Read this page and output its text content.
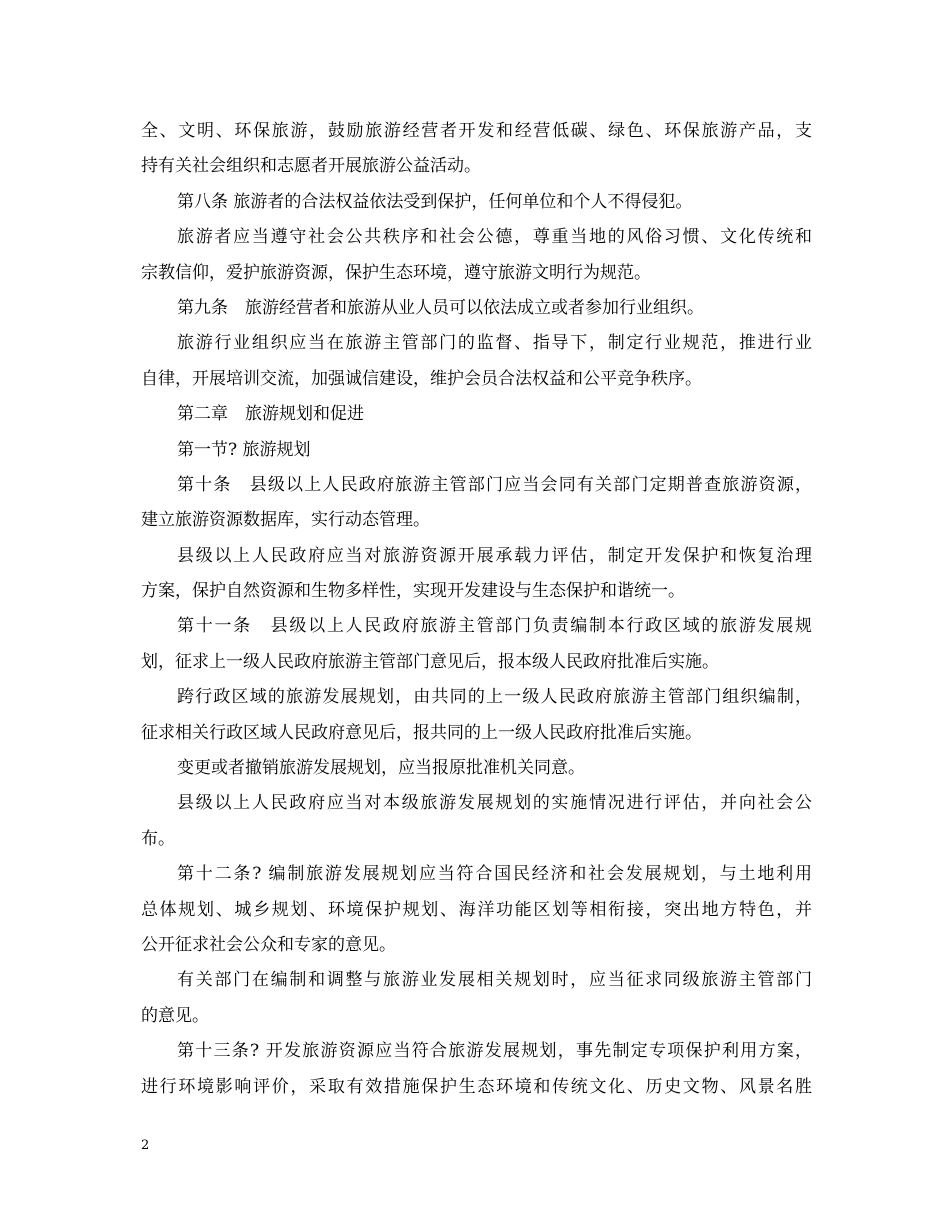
全、文明、环保旅游，鼓励旅游经营者开发和经营低碳、绿色、环保旅游产品，支
持有关社会组织和志愿者开展旅游公益活动。
第八条 旅游者的合法权益依法受到保护，任何单位和个人不得侵犯。
旅游者应当遵守社会公共秩序和社会公德，尊重当地的风俗习惯、文化传统和
宗教信仰，爱护旅游资源，保护生态环境，遵守旅游文明行为规范。
第九条　旅游经营者和旅游从业人员可以依法成立或者参加行业组织。
旅游行业组织应当在旅游主管部门的监督、指导下，制定行业规范，推进行业
自律，开展培训交流，加强诚信建设，维护会员合法权益和公平竞争秩序。
第二章　旅游规划和促进
第一节? 旅游规划
第十条　县级以上人民政府旅游主管部门应当会同有关部门定期普查旅游资源，
建立旅游资源数据库，实行动态管理。
县级以上人民政府应当对旅游资源开展承载力评估，制定开发保护和恢复治理
方案，保护自然资源和生物多样性，实现开发建设与生态保护和谐统一。
第十一条　县级以上人民政府旅游主管部门负责编制本行政区域的旅游发展规
划，征求上一级人民政府旅游主管部门意见后，报本级人民政府批准后实施。
跨行政区域的旅游发展规划，由共同的上一级人民政府旅游主管部门组织编制，
征求相关行政区域人民政府意见后，报共同的上一级人民政府批准后实施。
变更或者撤销旅游发展规划，应当报原批准机关同意。
县级以上人民政府应当对本级旅游发展规划的实施情况进行评估，并向社会公
布。
第十二条? 编制旅游发展规划应当符合国民经济和社会发展规划，与土地利用
总体规划、城乡规划、环境保护规划、海洋功能区划等相衔接，突出地方特色，并
公开征求社会公众和专家的意见。
有关部门在编制和调整与旅游业发展相关规划时，应当征求同级旅游主管部门
的意见。
第十三条? 开发旅游资源应当符合旅游发展规划，事先制定专项保护利用方案，
进行环境影响评价，采取有效措施保护生态环境和传统文化、历史文物、风景名胜
2
